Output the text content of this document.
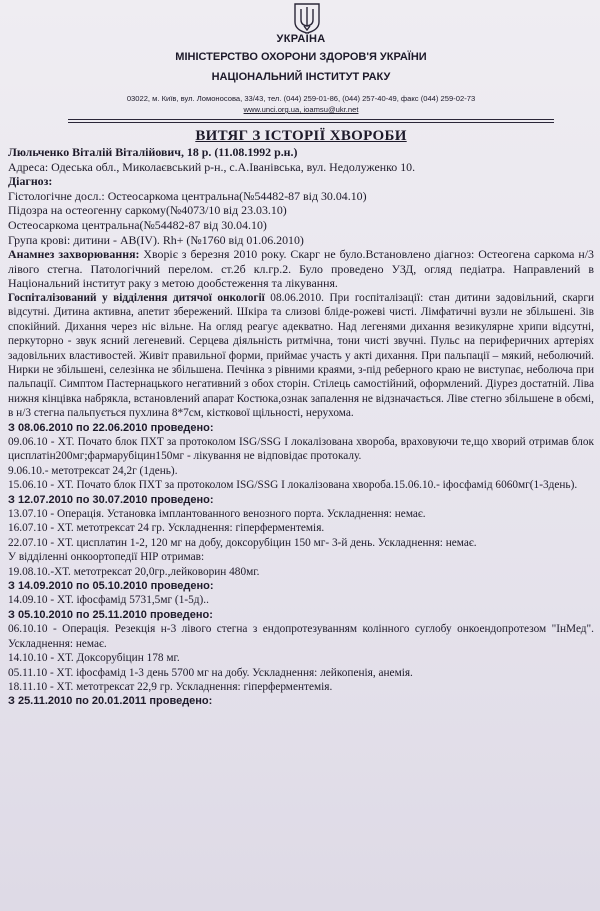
УКРАЇНА
МІНІСТЕРСТВО ОХОРОНИ ЗДОРОВ'Я УКРАЇНИ
НАЦІОНАЛЬНИЙ ІНСТИТУТ РАКУ
03022, м. Київ, вул. Ломоносова, 33/43, тел. (044) 259-01-86, (044) 257-40-49, факс (044) 259-02-73
www.unci.org.ua, ioamsu@ukr.net
ВИТЯГ З ІСТОРІЇ ХВОРОБИ

Люльченко Віталій Віталійович, 18 р. (11.08.1992 р.н.)

Адреса: Одеська обл., Миколаєвський р-н., с.А.Іванівська, вул. Недолуженко 10.

Діагноз:

Гістологічне досл.: Остеосаркома центральна(№54482-87 від 30.04.10)

Підозра на остеогенну саркому(№4073/10 від 23.03.10)

Остеосаркома центральна(№54482-87 від 30.04.10)

Група крові: дитини - АВ(IV). Rh+ (№1760 від 01.06.2010)

Анамнез захворювання: Хворіє з березня 2010 року. Скарг не було.Встановлено діагноз: Остеогена саркома н/3 лівого стегна. Патологічний перелом. ст.2б кл.гр.2. Було проведено УЗД, огляд педіатра. Направлений в Національний інститут раку з метою дообстеження та лікування.

Госпіталізований у відділення дитячої онкології 08.06.2010. При госпіталізації: стан дитини задовільний, скарги відсутні. Дитина активна, апетит збережений. Шкіра та слизові бліде-рожеві чисті. Лімфатичні вузли не збільшені. Зів спокійний. Дихання через ніс вільне. На огляд реагує адекватно. Над легенями дихання везикулярне хрипи відсутні, перкуторно - звук ясний легеневий. Серцева діяльність ритмічна, тони чисті звучні. Пульс на периферичних артеріях задовільних властивостей. Живіт правильної форми, приймає участь у акті дихання. При пальпації – мякий, неболючий. Нирки не збільшені, селезінка не збільшена. Печінка з рівними краями, з-під реберного краю не виступає, неболюча при пальпації. Симптом Пастернацького негативний з обох сторін. Стілець самостійний, оформлений. Діурез достатній. Ліва нижня кінцівка набрякла, встановлений апарат Костюка,ознак запалення не відзначається. Ліве стегно збільшене в обємі, в н/3 стегна пальпується пухлина 8*7см, кісткової щільності, нерухома.

З 08.06.2010 по 22.06.2010 проведено:

09.06.10 - ХТ. Почато блок ПХТ за протоколом ISG/SSG I локалізована хвороба, враховуючи те,що хворий отримав блок цисплатін200мг;фармарубіцин150мг - лікування не відповідає протокалу.

9.06.10.- метотрексат 24,2г (1день).

15.06.10 - ХТ. Почато блок ПХТ за протоколом ISG/SSG I локалізована хвороба.15.06.10.- іфосфамід 6060мг(1-3день).

З 12.07.2010 по 30.07.2010 проведено:

13.07.10 - Операція. Установка імплантованного венозного порта. Ускладнення: немає.

16.07.10 - ХТ. метотрексат 24 гр. Ускладнення: гіперферментемія.

22.07.10 - ХТ. цисплатин 1-2, 120 мг на добу, доксорубіцин 150 мг- 3-й день. Ускладнення: немає.

У відділенні онкоортопедії НІР отримав:

19.08.10.-ХТ. метотрексат 20,0гр.,лейковорин 480мг.

З 14.09.2010 по 05.10.2010 проведено:

14.09.10 - ХТ. іфосфамід 5731,5мг (1-5д)..

З 05.10.2010 по 25.11.2010 проведено:

06.10.10 - Операція. Резекція н-3 лівого стегна з ендопротезуванням колінного суглобу онкоендопротезом "ІнМед". Ускладнення: немає.

14.10.10 - ХТ. Доксорубіцин 178 мг.

05.11.10 - ХТ. іфосфамід 1-3 день 5700 мг на добу. Ускладнення: лейкопенія, анемія.

18.11.10 - ХТ. метотрексат 22,9 гр. Ускладнення: гіперферментемія.

З 25.11.2010 по 20.01.2011 проведено:
